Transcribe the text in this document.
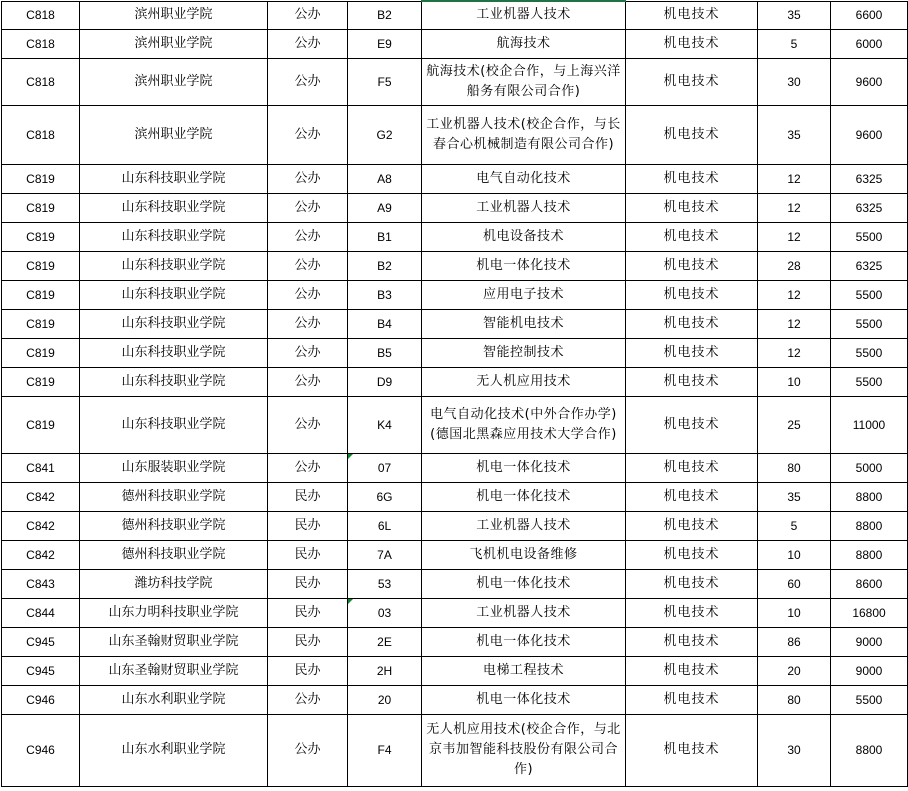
C818	滨州职业学院	公办	B2	工业机器人技术	机电技术	35	6600
C818	滨州职业学院	公办	E9	航海技术	机电技术	5	6000
C818	滨州职业学院	公办	F5	航海技术(校企合作，与上海兴洋船务有限公司合作)	机电技术	30	9600
C818	滨州职业学院	公办	G2	工业机器人技术(校企合作，与长春合心机械制造有限公司合作)	机电技术	35	9600
C819	山东科技职业学院	公办	A8	电气自动化技术	机电技术	12	6325
C819	山东科技职业学院	公办	A9	工业机器人技术	机电技术	12	6325
C819	山东科技职业学院	公办	B1	机电设备技术	机电技术	12	5500
C819	山东科技职业学院	公办	B2	机电一体化技术	机电技术	28	6325
C819	山东科技职业学院	公办	B3	应用电子技术	机电技术	12	5500
C819	山东科技职业学院	公办	B4	智能机电技术	机电技术	12	5500
C819	山东科技职业学院	公办	B5	智能控制技术	机电技术	12	5500
C819	山东科技职业学院	公办	D9	无人机应用技术	机电技术	10	5500
C819	山东科技职业学院	公办	K4	电气自动化技术(中外合作办学)(德国北黑森应用技术大学合作)	机电技术	25	11000
C841	山东服装职业学院	公办	07	机电一体化技术	机电技术	80	5000
C842	德州科技职业学院	民办	6G	机电一体化技术	机电技术	35	8800
C842	德州科技职业学院	民办	6L	工业机器人技术	机电技术	5	8800
C842	德州科技职业学院	民办	7A	飞机机电设备维修	机电技术	10	8800
C843	潍坊科技学院	民办	53	机电一体化技术	机电技术	60	8600
C844	山东力明科技职业学院	民办	03	工业机器人技术	机电技术	10	16800
C945	山东圣翰财贸职业学院	民办	2E	机电一体化技术	机电技术	86	9000
C945	山东圣翰财贸职业学院	民办	2H	电梯工程技术	机电技术	20	9000
C946	山东水利职业学院	公办	20	机电一体化技术	机电技术	80	5500
C946	山东水利职业学院	公办	F4	无人机应用技术(校企合作，与北京韦加智能科技股份有限公司合作)	机电技术	30	8800
